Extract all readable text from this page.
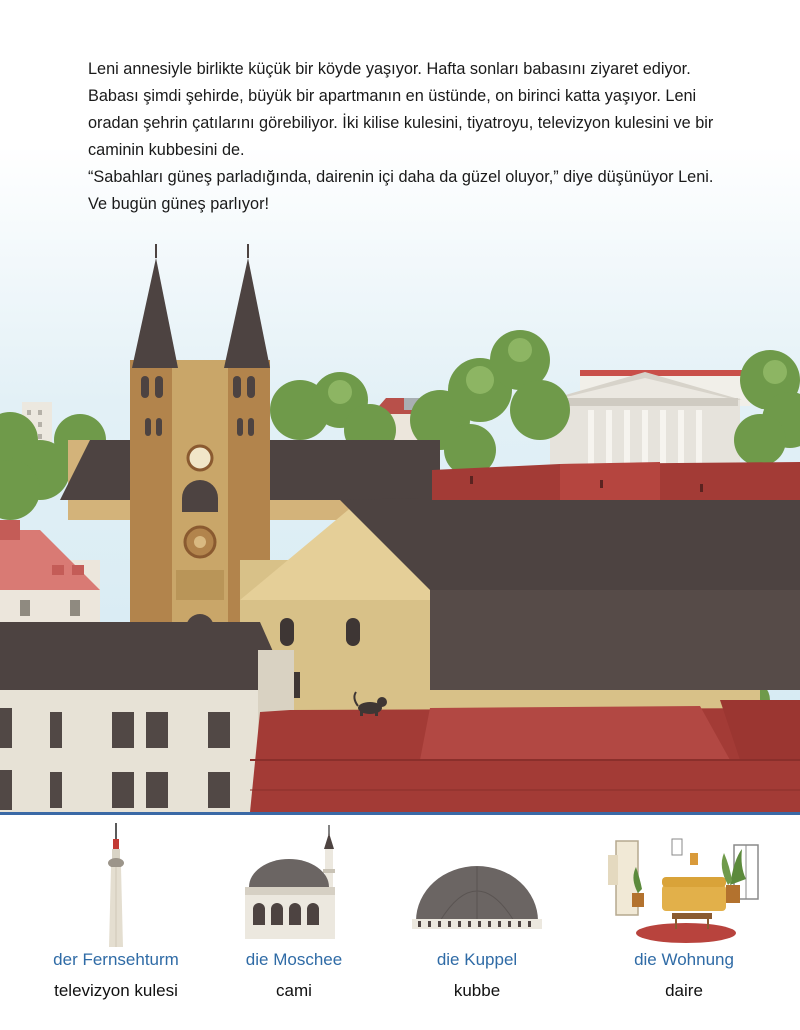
Leni annesiyle birlikte küçük bir köyde yaşıyor. Hafta sonları babasını ziyaret ediyor. Babası şimdi şehirde, büyük bir apartmanın en üstünde, on birinci katta yaşıyor. Leni oradan şehrin çatılarını görebiliyor. İki kilise kulesini, tiyatroyu, televizyon kulesini ve bir caminin kubbesini de.

“Sabahları güneş parladığında, dairenin içi daha da güzel oluyor,” diye düşünüyor Leni. Ve bugün güneş parlıyor!

der Fernsehturm
televizyon kulesi
die Moschee
cami
die Kuppel
kubbe
die Wohnung
daire
